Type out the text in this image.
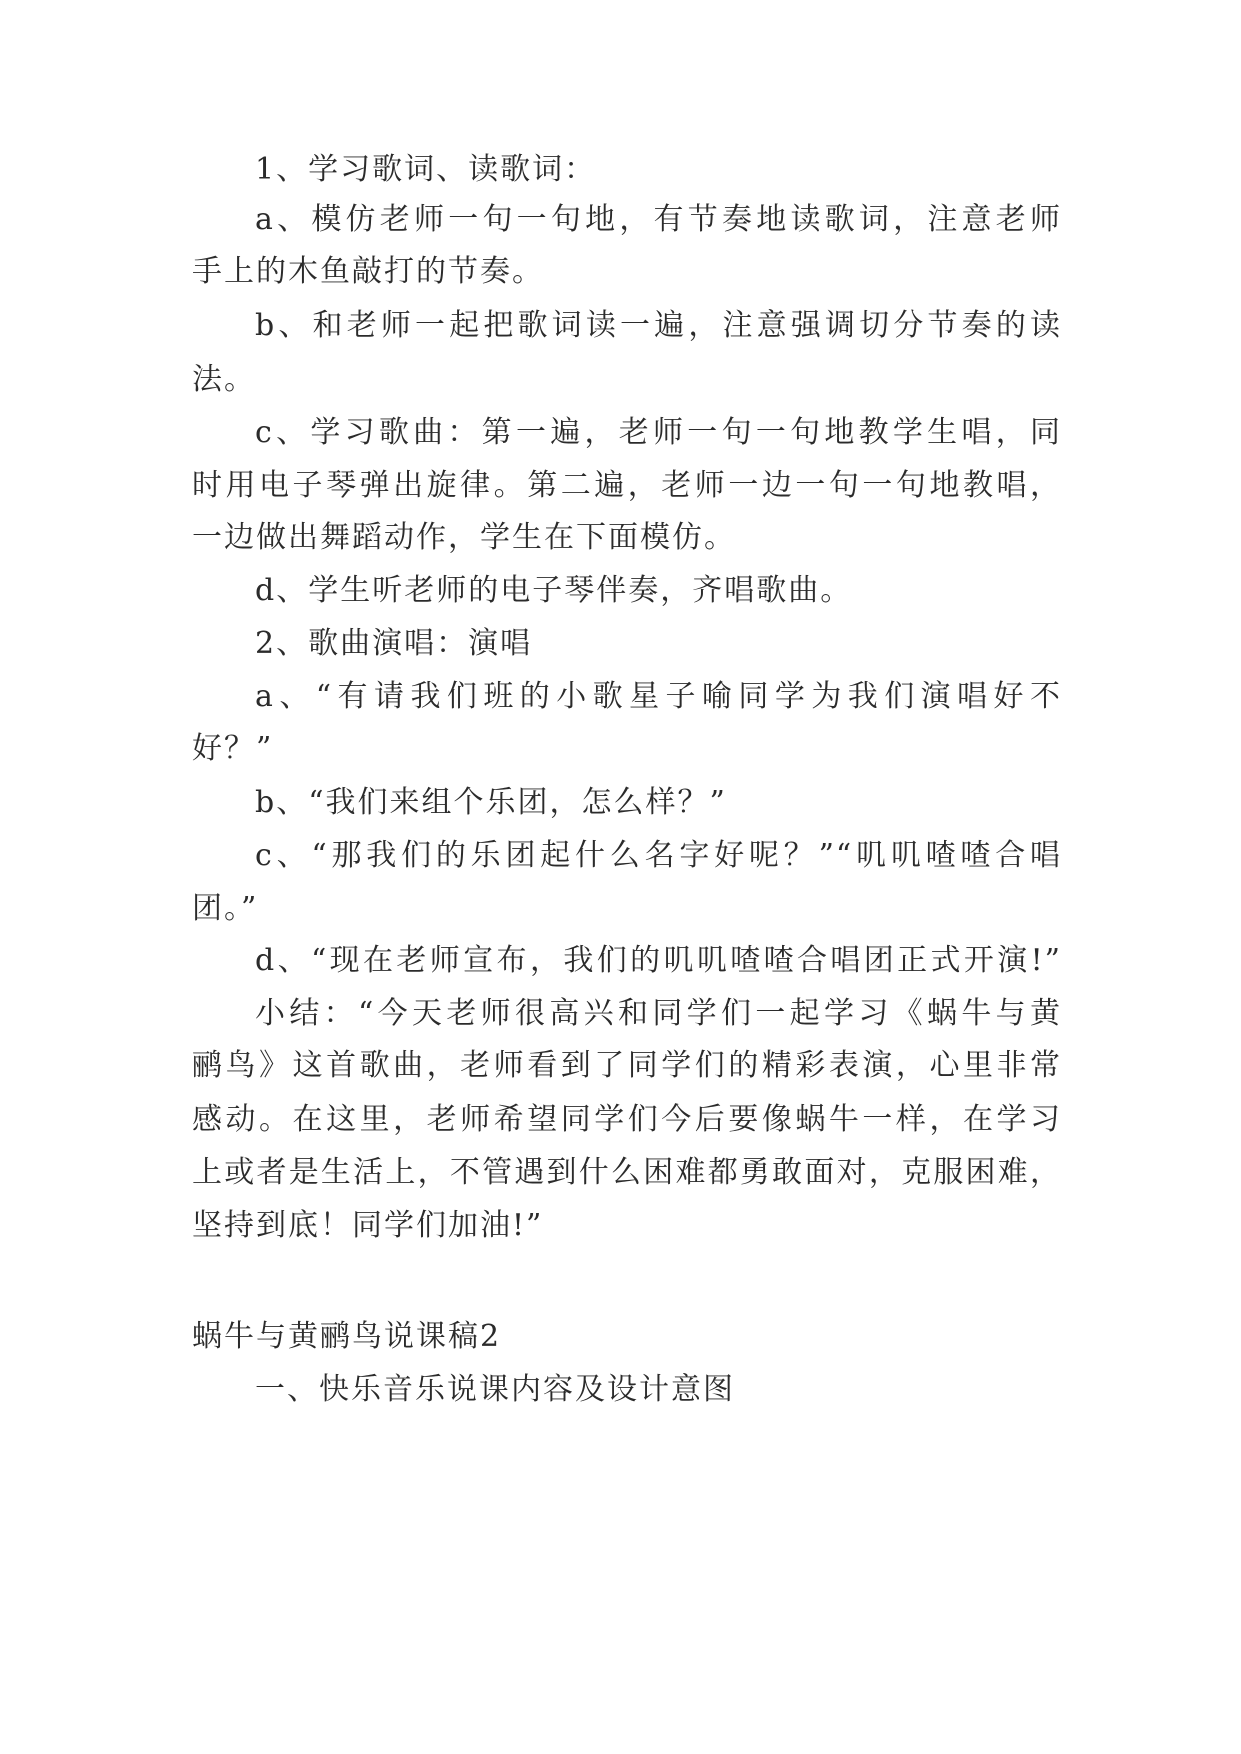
1、学习歌词、读歌词：

a、模仿老师一句一句地，有节奏地读歌词，注意老师

手上的木鱼敲打的节奏。

b、和老师一起把歌词读一遍，注意强调切分节奏的读

法。

c、学习歌曲：第一遍，老师一句一句地教学生唱，同

时用电子琴弹出旋律。第二遍，老师一边一句一句地教唱，

一边做出舞蹈动作，学生在下面模仿。

d、学生听老师的电子琴伴奏，齐唱歌曲。

2、歌曲演唱：演唱

a、“有请我们班的小歌星子喻同学为我们演唱好不

好？”

b、“我们来组个乐团，怎么样？”

c、“那我们的乐团起什么名字好呢？”“叽叽喳喳合唱

团。”

d、“现在老师宣布，我们的叽叽喳喳合唱团正式开演!”

小结：“今天老师很高兴和同学们一起学习《蜗牛与黄

鹂鸟》这首歌曲，老师看到了同学们的精彩表演，心里非常

感动。在这里，老师希望同学们今后要像蜗牛一样，在学习

上或者是生活上，不管遇到什么困难都勇敢面对，克服困难，

坚持到底！同学们加油!”

蜗牛与黄鹂鸟说课稿2

一、快乐音乐说课内容及设计意图
